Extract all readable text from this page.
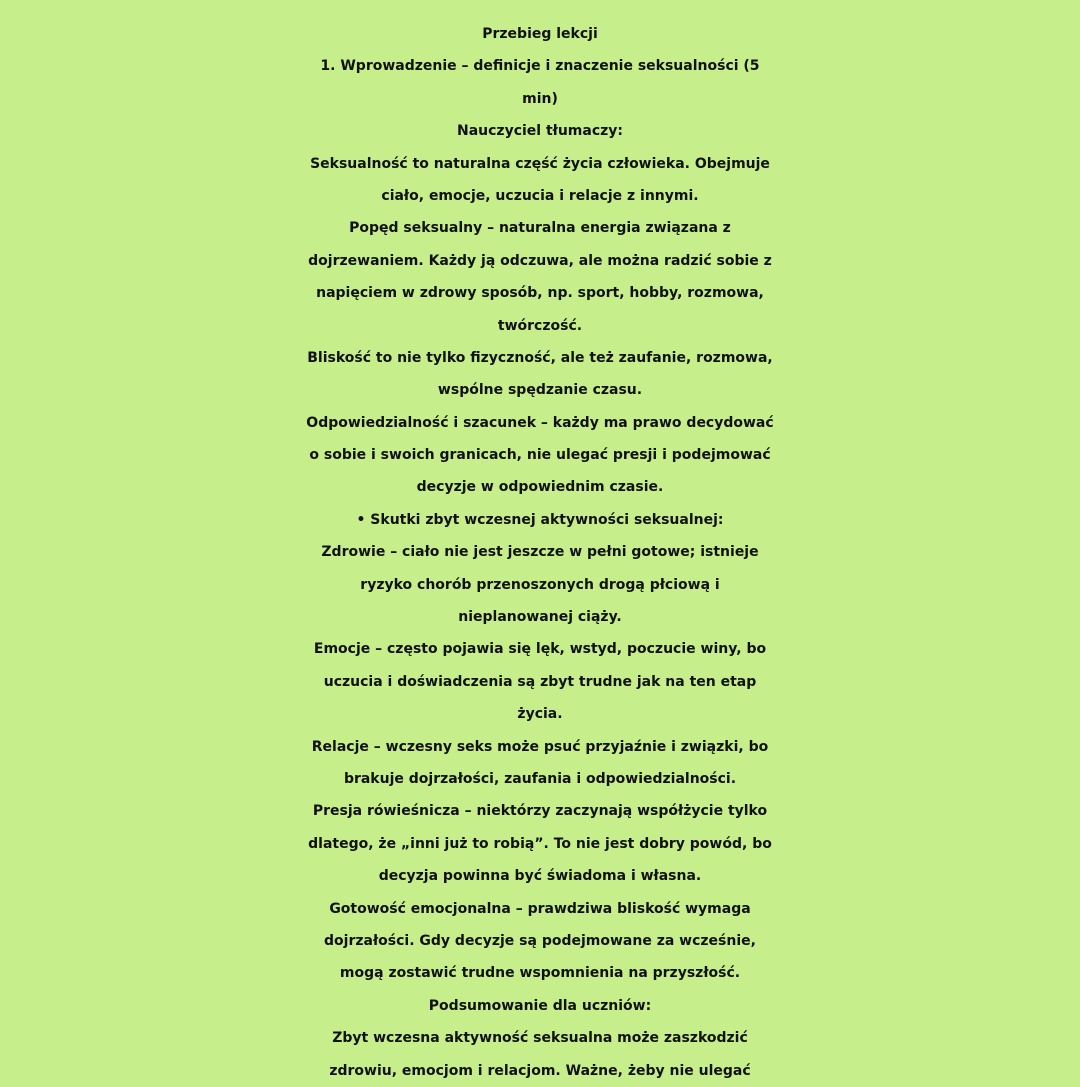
Przebieg lekcji
1. Wprowadzenie – definicje i znaczenie seksualności (5
min)
Nauczyciel tłumaczy:
Seksualność to naturalna część życia człowieka. Obejmuje
ciało, emocje, uczucia i relacje z innymi.
Popęd seksualny – naturalna energia związana z
dojrzewaniem. Każdy ją odczuwa, ale można radzić sobie z
napięciem w zdrowy sposób, np. sport, hobby, rozmowa,
twórczość.
Bliskość to nie tylko fizyczność, ale też zaufanie, rozmowa,
wspólne spędzanie czasu.
Odpowiedzialność i szacunek – każdy ma prawo decydować
o sobie i swoich granicach, nie ulegać presji i podejmować
decyzje w odpowiednim czasie.
• Skutki zbyt wczesnej aktywności seksualnej:
Zdrowie – ciało nie jest jeszcze w pełni gotowe; istnieje
ryzyko chorób przenoszonych drogą płciową i
nieplanowanej ciąży.
Emocje – często pojawia się lęk, wstyd, poczucie winy, bo
uczucia i doświadczenia są zbyt trudne jak na ten etap
życia.
Relacje – wczesny seks może psuć przyjaźnie i związki, bo
brakuje dojrzałości, zaufania i odpowiedzialności.
Presja rówieśnicza – niektórzy zaczynają współżycie tylko
dlatego, że „inni już to robią”. To nie jest dobry powód, bo
decyzja powinna być świadoma i własna.
Gotowość emocjonalna – prawdziwa bliskość wymaga
dojrzałości. Gdy decyzje są podejmowane za wcześnie,
mogą zostawić trudne wspomnienia na przyszłość.
Podsumowanie dla uczniów:
Zbyt wczesna aktywność seksualna może zaszkodzić
zdrowiu, emocjom i relacjom. Ważne, żeby nie ulegać
